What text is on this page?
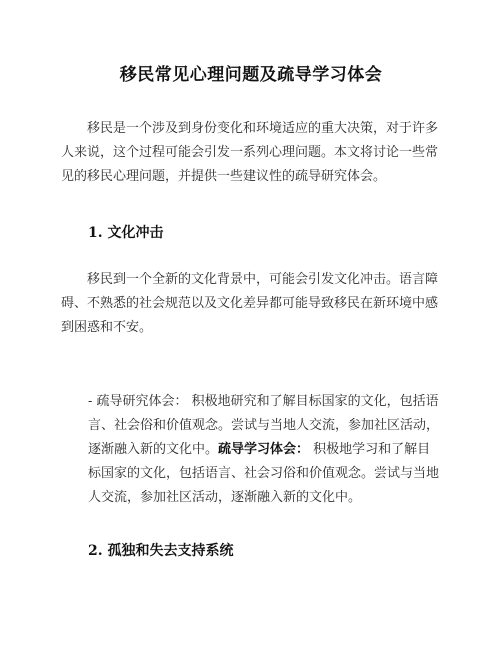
移民常见心理问题及疏导学习体会

移民是一个涉及到身份变化和环境适应的重大决策，对于许多人来说，这个过程可能会引发一系列心理问题。本文将讨论一些常见的移民心理问题，并提供一些建议性的疏导研究体会。

1. 文化冲击

移民到一个全新的文化背景中，可能会引发文化冲击。语言障碍、不熟悉的社会规范以及文化差异都可能导致移民在新环境中感到困惑和不安。

- 疏导研究体会： 积极地研究和了解目标国家的文化，包括语言、社会俗和价值观念。尝试与当地人交流，参加社区活动，逐渐融入新的文化中。疏导学习体会： 积极地学习和了解目标国家的文化，包括语言、社会习俗和价值观念。尝试与当地人交流，参加社区活动，逐渐融入新的文化中。

2. 孤独和失去支持系统
